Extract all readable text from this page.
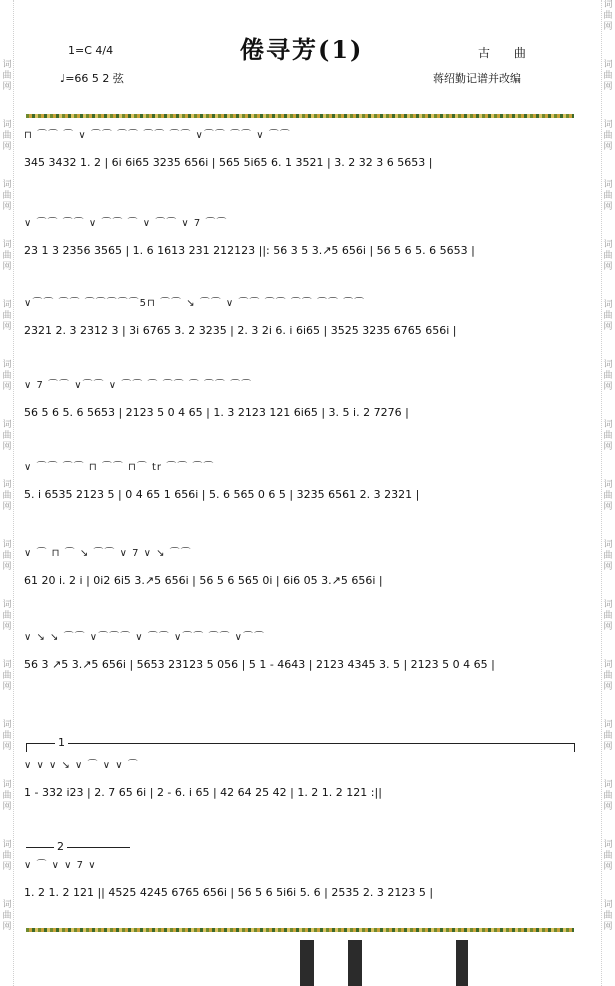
词曲网
词曲网
词曲网
词曲网
词曲网
词曲网
词曲网
词曲网
词曲网
词曲网
词曲网
词曲网
词曲网
词曲网
词曲网
词曲网
词曲网
词曲网
词曲网
词曲网
词曲网
词曲网
词曲网
词曲网
词曲网
词曲网
词曲网
词曲网
词曲网
词曲网
词曲网
倦寻芳(1)
1=C 4/4
♩=66 5 2 弦
古 曲
蒋绍勤记谱并改编
⊓ ⌒⌒ ⌒ ∨ ⌒⌒ ⌒⌒ ⌒⌒ ⌒⌒ ∨⌒⌒ ⌒⌒ ∨ ⌒⌒
345 3432 1. 2 | 6i 6i65 3235 656i | 565 5i65 6. 1 3521 | 3. 2 32 3 6 5653 |
∨ ⌒⌒ ⌒⌒ ∨ ⌒⌒ ⌒ ∨ ⌒⌒ ∨ 7 ⌒⌒
23 1 3 2356 3565 | 1. 6 1613 231 212123 ||: 56 3 5 3.↗5 656i | 56 5 6 5. 6 5653 |
∨⌒⌒ ⌒⌒ ⌒⌒⌒⌒⌒5⊓ ⌒⌒ ↘ ⌒⌒ ∨ ⌒⌒ ⌒⌒ ⌒⌒ ⌒⌒ ⌒⌒
2321 2. 3 2312 3 | 3i 6765 3. 2 3235 | 2. 3 2i 6. i 6i65 | 3525 3235 6765 656i |
∨ 7 ⌒⌒ ∨⌒⌒ ∨ ⌒⌒ ⌒ ⌒⌒ ⌒ ⌒⌒ ⌒⌒
56 5 6 5. 6 5653 | 2123 5 0 4 65 | 1. 3 2123 121 6i65 | 3. 5 i. 2 7276 |
∨ ⌒⌒ ⌒⌒ ⊓ ⌒⌒ ⊓⌒ tr ⌒⌒ ⌒⌒
5. i 6535 2123 5 | 0 4 65 1 656i | 5. 6 565 0 6 5 | 3235 6561 2. 3 2321 |
∨ ⌒ ⊓ ⌒ ↘ ⌒⌒ ∨ 7 ∨ ↘ ⌒⌒
61 20 i. 2 i | 0i2 6i5 3.↗5 656i | 56 5 6 565 0i | 6i6 05 3.↗5 656i |
∨ ↘ ↘ ⌒⌒ ∨⌒⌒⌒ ∨ ⌒⌒ ∨⌒⌒ ⌒⌒ ∨⌒⌒
56 3 ↗5 3.↗5 656i | 5653 23123 5 056 | 5 1 - 4643 | 2123 4345 3. 5 | 2123 5 0 4 65 |
∨ ∨ ∨ ↘ ∨ ⌒ ∨ ∨ ⌒
1 - 332 i23 | 2. 7 65 6i | 2 - 6. i 65 | 42 64 25 42 | 1. 2 1. 2 121 :||
∨ ⌒ ∨ ∨ 7 ∨
1. 2 1. 2 121 || 4525 4245 6765 656i | 56 5 6 5i6i 5. 6 | 2535 2. 3 2123 5 |
1
2
